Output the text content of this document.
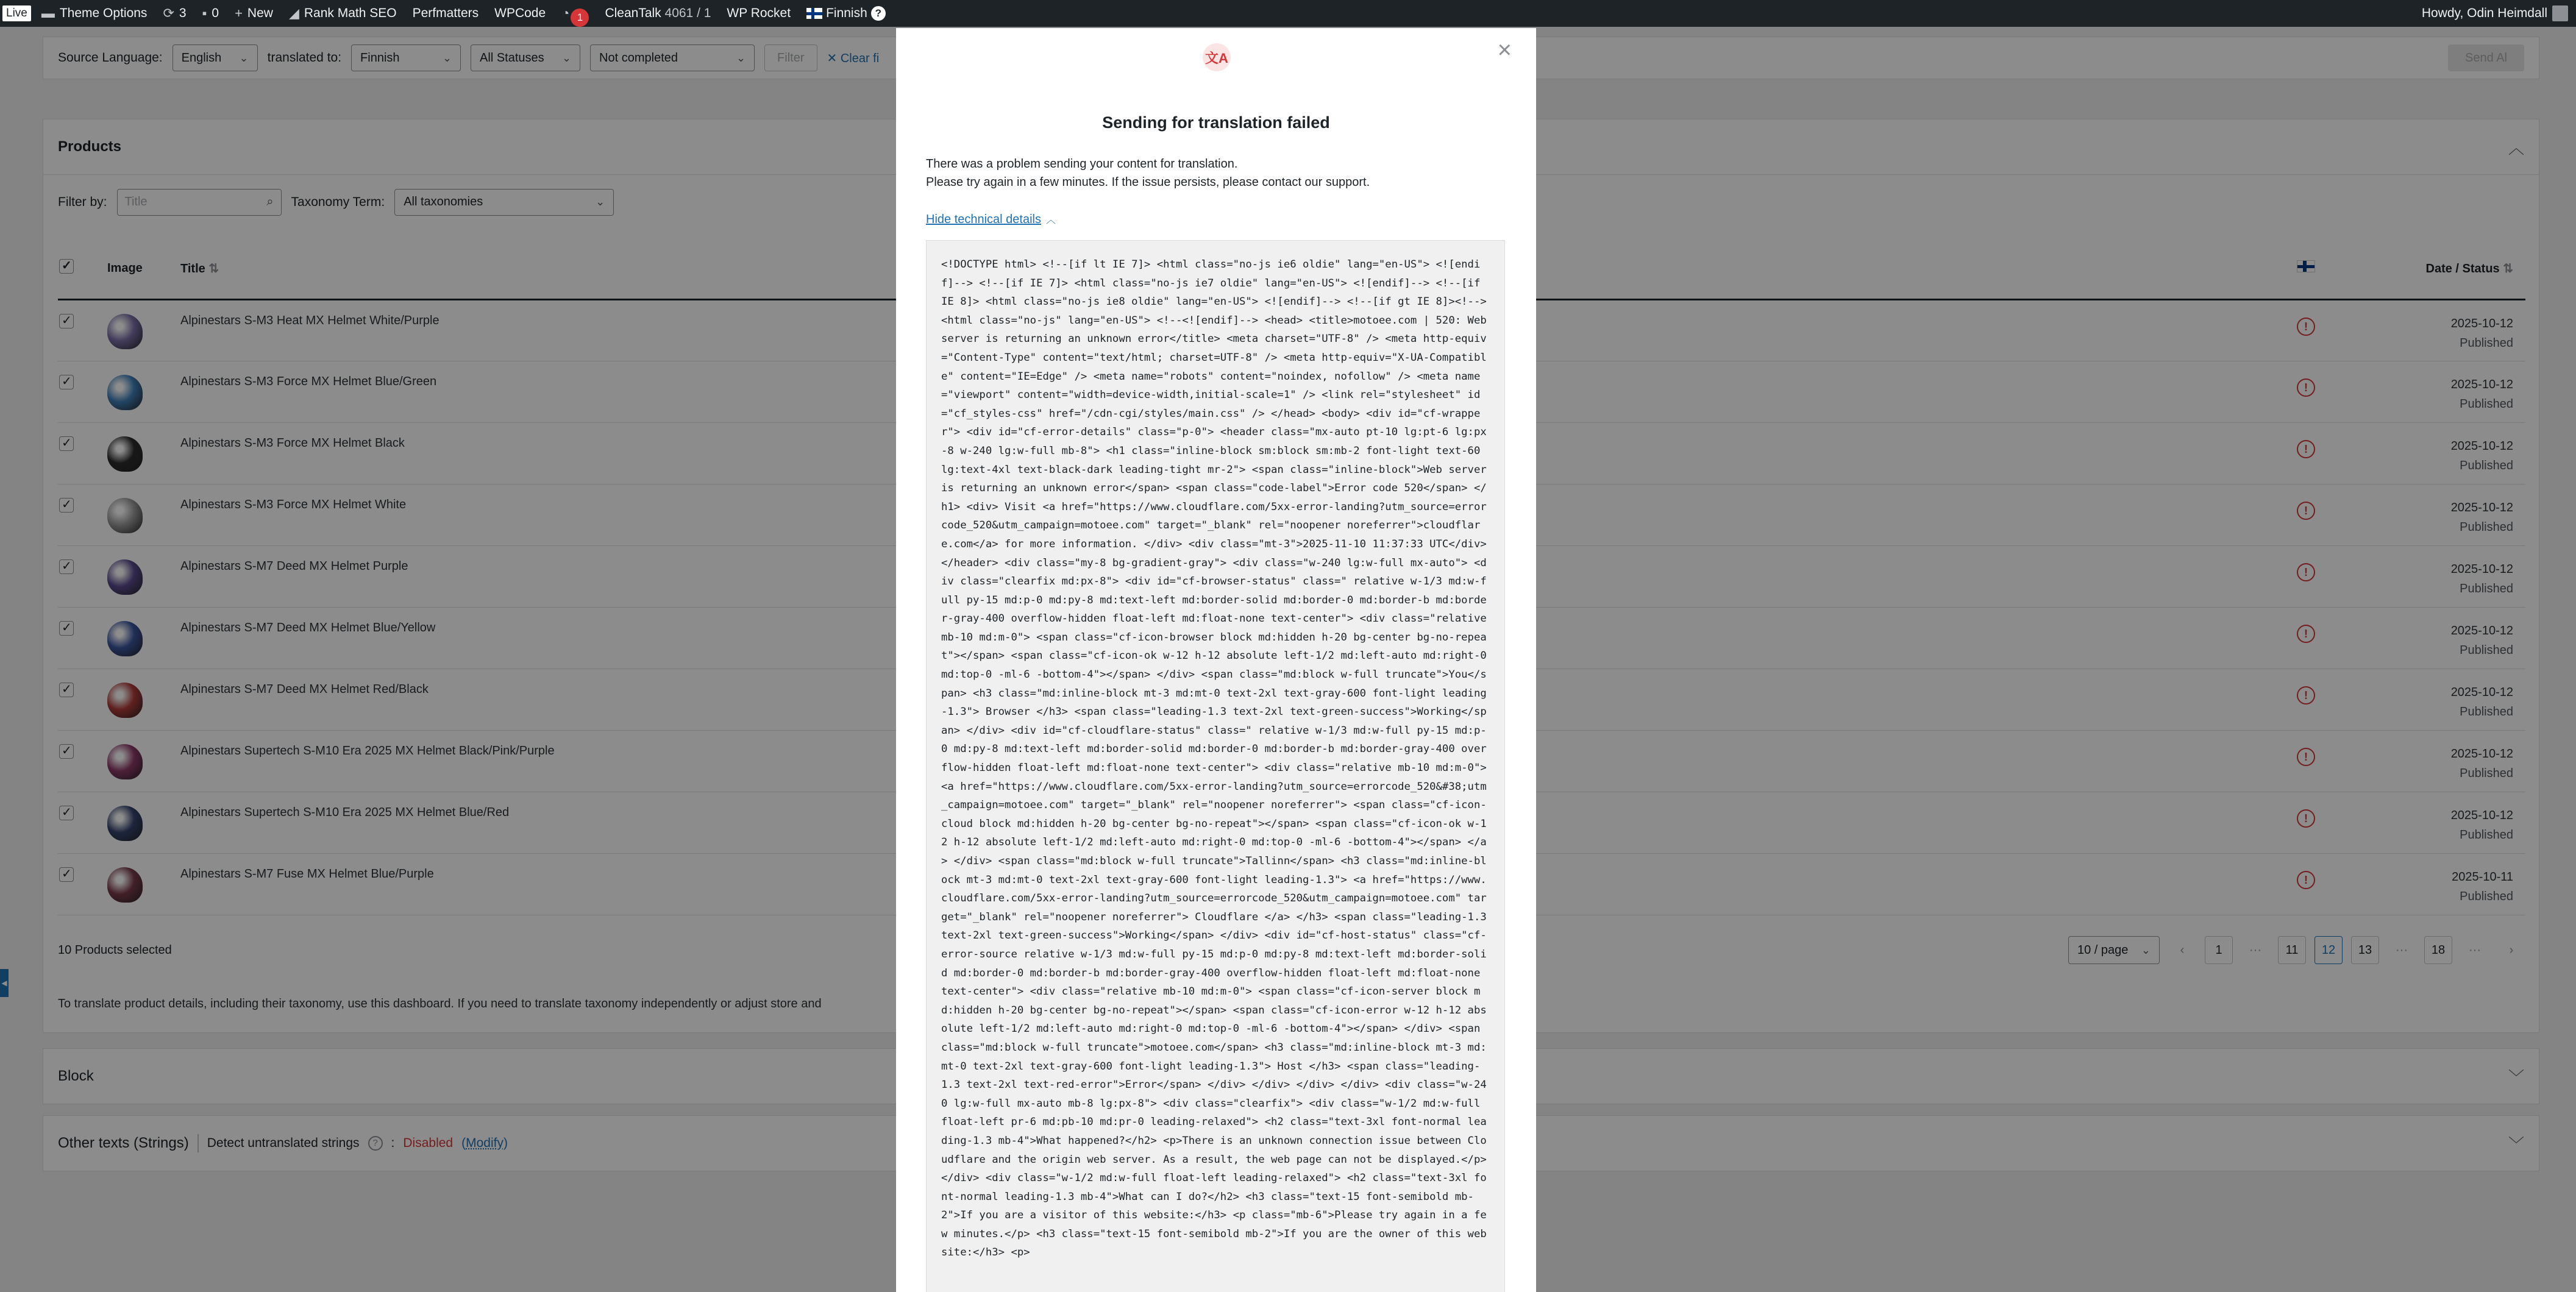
Live ▬ Theme Options ⟳ 3 ▪ 0 + New ◢ Rank Math SEO	Perfmatters	WPCode	◔ 1	CleanTalk
4061 / 1	WP Rocket	Finnish ?	Howdy, Odin Heimdall
Source Language: English ⌄ translated to: Finnish	⌄ All Statuses ⌄ Not completed	⌄	Filter	✕ Clear fi	Send Al
Products	︿
Filter by: Title	⌕ Taxonomy Term: All taxonomies	⌄
✓	Image	Title ⇅		Date / Status ⇅
✓		Alpinestars S-M3 Heat MX Helmet White/Purple	!	2025-10-12
Published

✓		Alpinestars S-M3 Force MX Helmet Blue/Green	!	2025-10-12
Published

✓		Alpinestars S-M3 Force MX Helmet Black	!	2025-10-12
Published

✓		Alpinestars S-M3 Force MX Helmet White	!	2025-10-12
Published

✓		Alpinestars S-M7 Deed MX Helmet Purple	!	2025-10-12
Published

✓		Alpinestars S-M7 Deed MX Helmet Blue/Yellow	!	2025-10-12
Published

✓		Alpinestars S-M7 Deed MX Helmet Red/Black	!	2025-10-12
Published

✓		Alpinestars Supertech S-M10 Era 2025 MX Helmet Black/Pink/Purple	!	2025-10-12
Published

✓		Alpinestars Supertech S-M10 Era 2025 MX Helmet Blue/Red	!	2025-10-12
Published

✓		Alpinestars S-M7 Fuse MX Helmet Blue/Purple	!	2025-10-11
Published
10 Products selected	10 / page ⌄	‹	1	···	11	12	13	···	18	···	›
To translate product details, including their taxonomy, use this dashboard. If you need to translate taxonomy independently or adjust store and
Block	﹀
Other texts (Strings) Detect untranslated strings	?	: Disabled (Modify)	﹀
◀
×
文A
Sending for translation failed
There was a problem sending your content for translation.
Please try again in a few minutes. If the issue persists, please contact our support.
Hide technical details ︿
<!DOCTYPE html> <!--[if lt IE 7]> <html class="no-js ie6 oldie" lang="en-US"> <![endif]--> <!--[if IE 7]> <html class="no-js ie7 oldie" lang="en-US"> <![endif]--> <!--[if IE 8]> <html class="no-js ie8 oldie" lang="en-US"> <![endif]--> <!--[if gt IE 8]><!--> <html class="no-js" lang="en-US"> <!--<![endif]--> <head> <title>motoee.com | 520: Web server is returning an unknown error</title> <meta charset="UTF-8" /> <meta http-equiv="Content-Type" content="text/html; charset=UTF-8" /> <meta http-equiv="X-UA-Compatible" content="IE=Edge" /> <meta name="robots" content="noindex, nofollow" /> <meta name="viewport" content="width=device-width,initial-scale=1" /> <link rel="stylesheet" id="cf_styles-css" href="/cdn-cgi/styles/main.css" /> </head> <body> <div id="cf-wrapper"> <div id="cf-error-details" class="p-0"> <header class="mx-auto pt-10 lg:pt-6 lg:px-8 w-240 lg:w-full mb-8"> <h1 class="inline-block sm:block sm:mb-2 font-light text-60 lg:text-4xl text-black-dark leading-tight mr-2"> <span class="inline-block">Web server is returning an unknown error</span> <span class="code-label">Error code 520</span> </h1> <div> Visit <a href="https://www.cloudflare.com/5xx-error-landing?utm_source=errorcode_520&utm_campaign=motoee.com" target="_blank" rel="noopener noreferrer">cloudflare.com</a> for more information. </div> <div class="mt-3">2025-11-10 11:37:33 UTC</div> </header> <div class="my-8 bg-gradient-gray"> <div class="w-240 lg:w-full mx-auto"> <div class="clearfix md:px-8"> <div id="cf-browser-status" class=" relative w-1/3 md:w-full py-15 md:p-0 md:py-8 md:text-left md:border-solid md:border-0 md:border-b md:border-gray-400 overflow-hidden float-left md:float-none text-center"> <div class="relative mb-10 md:m-0"> <span class="cf-icon-browser block md:hidden h-20 bg-center bg-no-repeat"></span> <span class="cf-icon-ok w-12 h-12 absolute left-1/2 md:left-auto md:right-0 md:top-0 -ml-6 -bottom-4"></span> </div> <span class="md:block w-full truncate">You</span> <h3 class="md:inline-block mt-3 md:mt-0 text-2xl text-gray-600 font-light leading-1.3"> Browser </h3> <span class="leading-1.3 text-2xl text-green-success">Working</span> </div> <div id="cf-cloudflare-status" class=" relative w-1/3 md:w-full py-15 md:p-0 md:py-8 md:text-left md:border-solid md:border-0 md:border-b md:border-gray-400 overflow-hidden float-left md:float-none text-center"> <div class="relative mb-10 md:m-0"> <a href="https://www.cloudflare.com/5xx-error-landing?utm_source=errorcode_520&#38;utm_campaign=motoee.com" target="_blank" rel="noopener noreferrer"> <span class="cf-icon-cloud block md:hidden h-20 bg-center bg-no-repeat"></span> <span class="cf-icon-ok w-12 h-12 absolute left-1/2 md:left-auto md:right-0 md:top-0 -ml-6 -bottom-4"></span> </a> </div> <span class="md:block w-full truncate">Tallinn</span> <h3 class="md:inline-block mt-3 md:mt-0 text-2xl text-gray-600 font-light leading-1.3"> <a href="https://www.cloudflare.com/5xx-error-landing?utm_source=errorcode_520&utm_campaign=motoee.com" target="_blank" rel="noopener noreferrer"> Cloudflare </a> </h3> <span class="leading-1.3 text-2xl text-green-success">Working</span> </div> <div id="cf-host-status" class="cf-error-source relative w-1/3 md:w-full py-15 md:p-0 md:py-8 md:text-left md:border-solid md:border-0 md:border-b md:border-gray-400 overflow-hidden float-left md:float-none text-center"> <div class="relative mb-10 md:m-0"> <span class="cf-icon-server block md:hidden h-20 bg-center bg-no-repeat"></span> <span class="cf-icon-error w-12 h-12 absolute left-1/2 md:left-auto md:right-0 md:top-0 -ml-6 -bottom-4"></span> </div> <span class="md:block w-full truncate">motoee.com</span> <h3 class="md:inline-block mt-3 md:mt-0 text-2xl text-gray-600 font-light leading-1.3"> Host </h3> <span class="leading-1.3 text-2xl text-red-error">Error</span> </div> </div> </div> </div> <div class="w-240 lg:w-full mx-auto mb-8 lg:px-8"> <div class="clearfix"> <div class="w-1/2 md:w-full float-left pr-6 md:pb-10 md:pr-0 leading-relaxed"> <h2 class="text-3xl font-normal leading-1.3 mb-4">What happened?</h2> <p>There is an unknown connection issue between Cloudflare and the origin web server. As a result, the web page can not be displayed.</p> </div> <div class="w-1/2 md:w-full float-left leading-relaxed"> <h2 class="text-3xl font-normal leading-1.3 mb-4">What can I do?</h2> <h3 class="text-15 font-semibold mb-2">If you are a visitor of this website:</h3> <p class="mb-6">Please try again in a few minutes.</p> <h3 class="text-15 font-semibold mb-2">If you are the owner of this website:</h3> <p>
